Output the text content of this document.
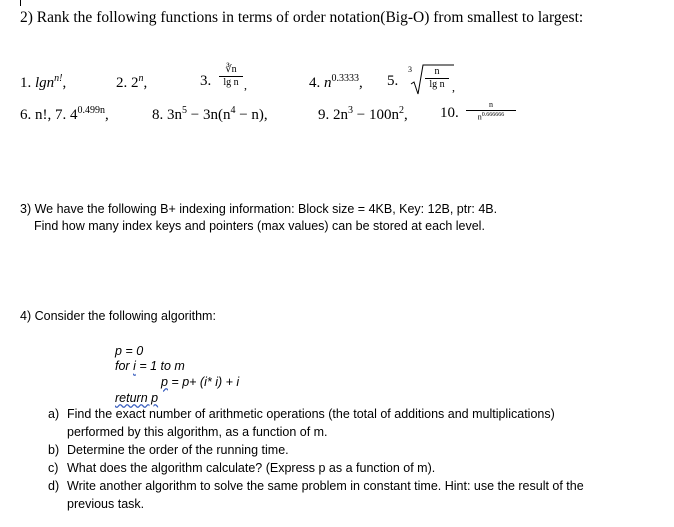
2) Rank the following functions in terms of order notation(Big-O) from smallest to largest:
1. lgn$^{n!}$,	2. 2$^n$,	3.
∛n
lg n ,	4. $n^{0.3333}$, 5.
3	n
lg n ,
6. n!, 7. $4^{0.499n}$,	8. $3n^5 - 3n(n^4 - n)$,	9. $2n^3 - 100n^2$, 10.
n
$n^{0.666666}$
3) We have the following B+ indexing information: Block size = 4KB, Key: 12B, ptr: 4B.
Find how many index keys and pointers (max values) can be stored at each level.
4) Consider the following algorithm:
p = 0
for i = 1 to m
p = p+ (i* i) + i
return p
a) Find the exact number of arithmetic operations (the total of additions and multiplications)
performed by this algorithm, as a function of m.
b) Determine the order of the running time.
c) What does the algorithm calculate? (Express p as a function of m).
d) Write another algorithm to solve the same problem in constant time. Hint: use the result of the
previous task.
